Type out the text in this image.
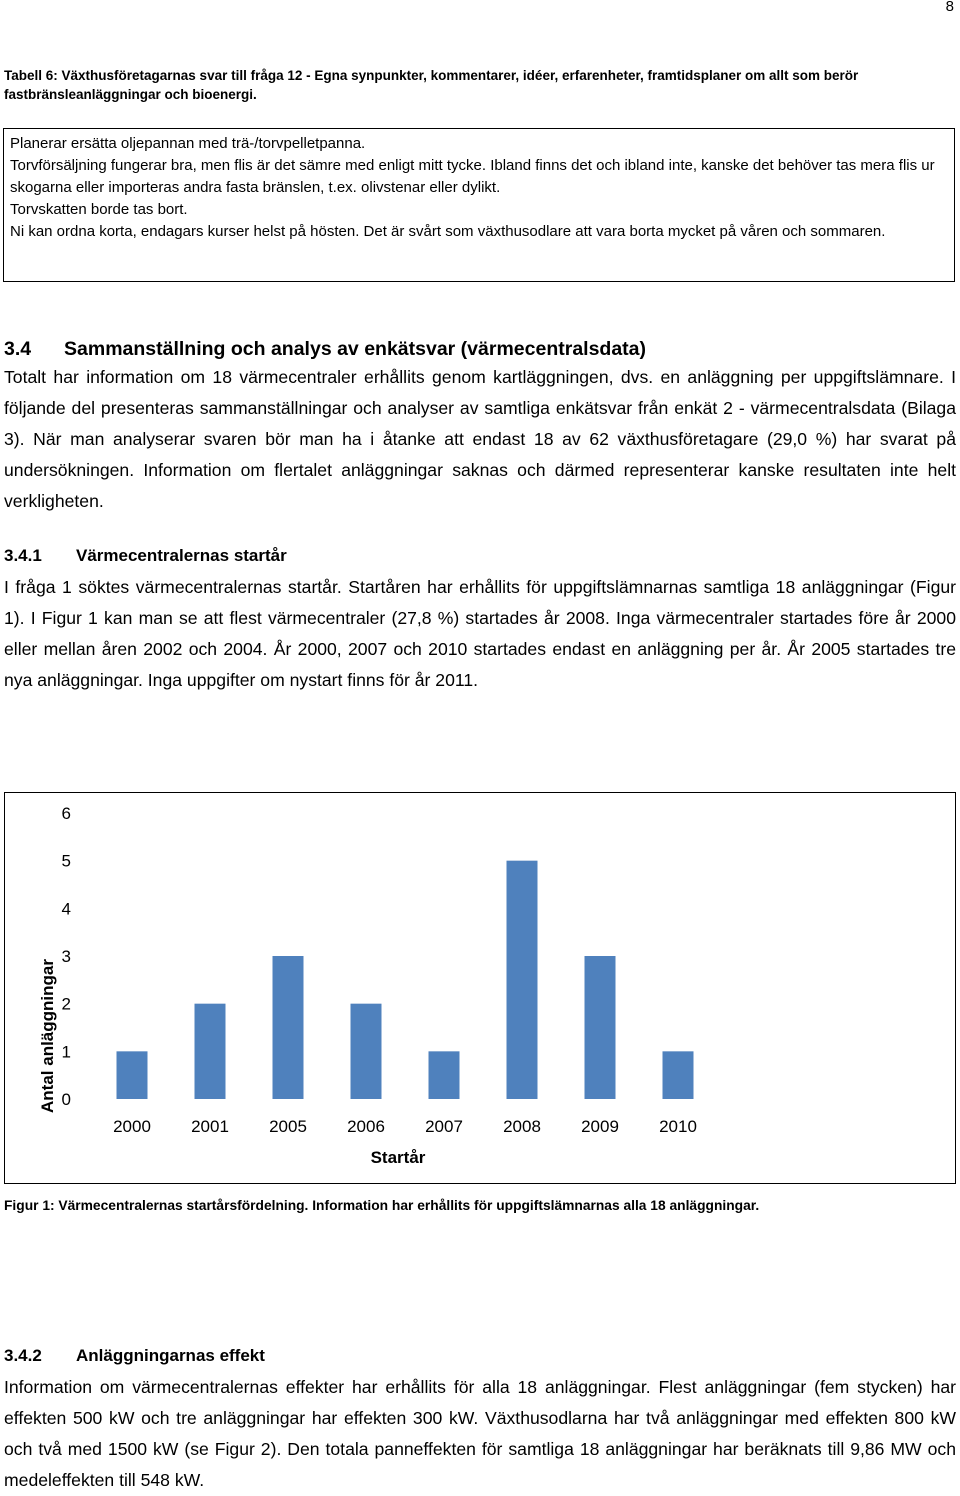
8
Tabell 6: Växthusföretagarnas svar till fråga 12 - Egna synpunkter, kommentarer, idéer, erfarenheter, framtidsplaner om allt som berör fastbränsleanläggningar och bioenergi.

Planerar ersätta oljepannan med trä-/torvpelletpanna.

Torvförsäljning fungerar bra, men flis är det sämre med enligt mitt tycke. Ibland finns det och ibland inte, kanske det behöver tas mera flis ur skogarna eller importeras andra fasta bränslen, t.ex. olivstenar eller dylikt.

Torvskatten borde tas bort.

Ni kan ordna korta, endagars kurser helst på hösten. Det är svårt som växthusodlare att vara borta mycket på våren och sommaren.

3.4 Sammanställning och analys av enkätsvar (värmecentralsdata)

Totalt har information om 18 värmecentraler erhållits genom kartläggningen, dvs. en anläggning per uppgiftslämnare. I följande del presenteras sammanställningar och analyser av samtliga enkätsvar från enkät 2 - värmecentralsdata (Bilaga 3). När man analyserar svaren bör man ha i åtanke att endast 18 av 62 växthusföretagare (29,0 %) har svarat på undersökningen. Information om flertalet anläggningar saknas och därmed representerar kanske resultaten inte helt verkligheten.

3.4.1 Värmecentralernas startår

I fråga 1 söktes värmecentralernas startår. Startåren har erhållits för uppgiftslämnarnas samtliga 18 anläggningar (Figur 1). I Figur 1 kan man se att flest värmecentraler (27,8 %) startades år 2008. Inga värmecentraler startades före år 2000 eller mellan åren 2002 och 2004. År 2000, 2007 och 2010 startades endast en anläggning per år. År 2005 startades tre nya anläggningar. Inga uppgifter om nystart finns för år 2011.

Antal anläggningar 0
1
2
3
4
5
6
2000 2001 2005 2006 2007 2008 2009 2010
Startår
Figur 1: Värmecentralernas startårsfördelning. Information har erhållits för uppgiftslämnarnas alla 18 anläggningar.
3.4.2 Anläggningarnas effekt

Information om värmecentralernas effekter har erhållits för alla 18 anläggningar. Flest anläggningar (fem stycken) har effekten 500 kW och tre anläggningar har effekten 300 kW. Växthusodlarna har två anläggningar med effekten 800 kW och två med 1500 kW (se Figur 2). Den totala panneffekten för samtliga 18 anläggningar har beräknats till 9,86 MW och medeleffekten till 548 kW.
